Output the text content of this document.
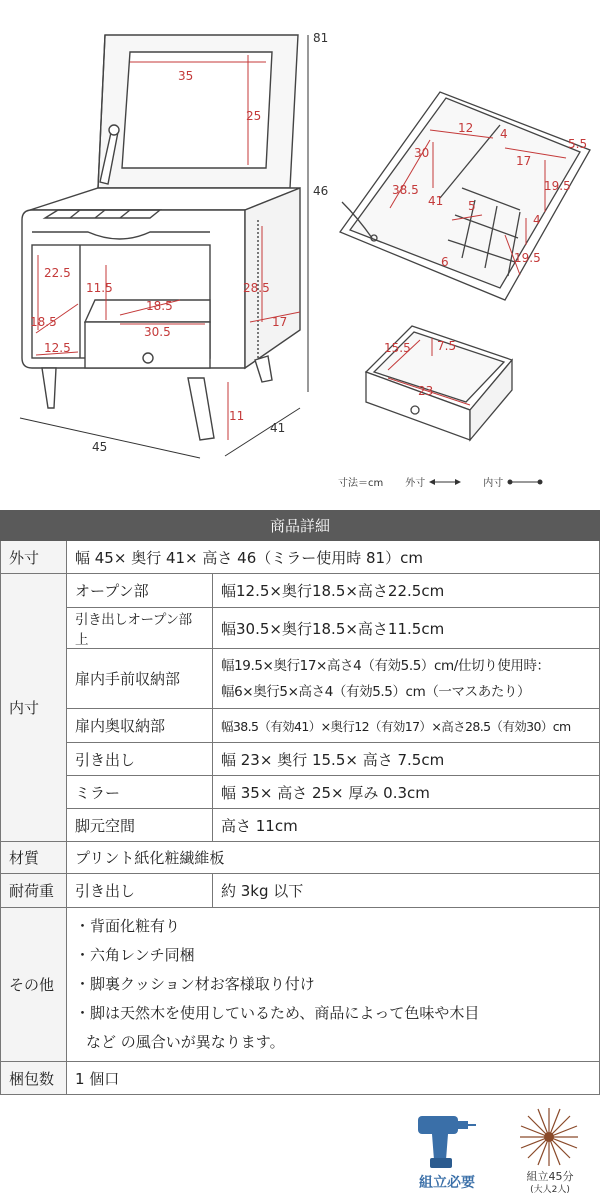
35
25
81
46
22.5
18.5
12.5
11.5
18.5
30.5
28.5
17
11
45
41
12 4
5.5
30
17
38.5
41
19.5
5
4
6	19.5
15.5 7.5
23
寸法＝cm 外寸	内寸
商品詳細		
外寸	幅 45× 奥行 41× 高さ 46（ミラー使用時 81）cm	
内寸	オープン部	幅12.5×奥行18.5×高さ22.5cm
	引き出しオープン部上	幅30.5×奥行18.5×高さ11.5cm
	扉内手前収納部	幅19.5×奥行17×高さ4（有効5.5）cm/仕切り使用時：
幅6×奥行5×高さ4（有効5.5）cm（一マスあたり）

	扉内奥収納部	幅38.5（有効41）×奥行12（有効17）×高さ28.5（有効30）cm
	引き出し	幅 23× 奥行 15.5× 高さ 7.5cm
	ミラー	幅 35× 高さ 25× 厚み 0.3cm
	脚元空間	高さ 11cm
材質	プリント紙化粧繊維板	
耐荷重	引き出し	約 3kg 以下
その他	・背面化粧有り
・六角レンチ同梱
・脚裏クッション材お客様取り付け
・脚は天然木を使用しているため、商品によって色味や木目
など の風合いが異なります。	

梱包数	1 個口	
組立必要	組立45分
(大人2人)
